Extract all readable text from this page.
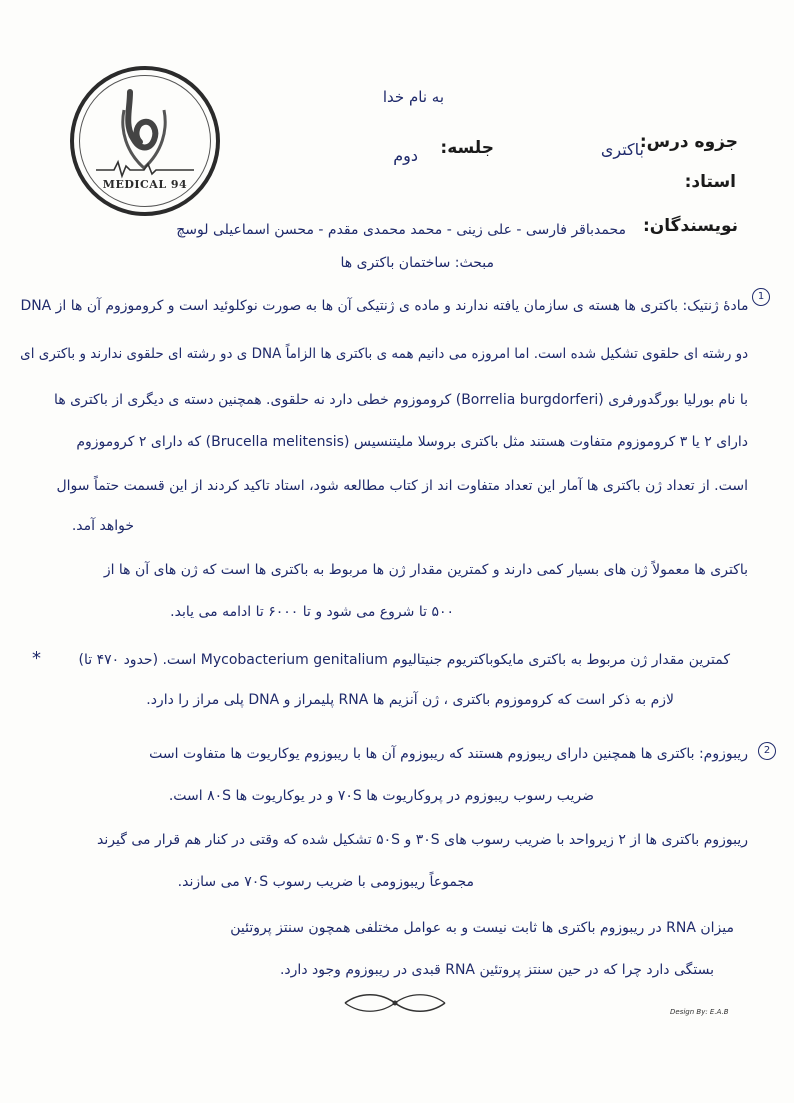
MEDICAL 94
به نام خدا
جزوه درس:
باکتری
جلسه:
دوم
استاد:
نویسندگان:
محمدباقر فارسی - علی زینی - محمد محمدی مقدم - محسن اسماعیلی لوسچ
مبحث: ساختمان باکتری ها
1
*
2
مادهٔ ژنتیک: باکتری ها هسته ی سازمان یافته ندارند و ماده ی ژنتیکی آن ها به صورت نوکلوئید است و کروموزوم آن ها از DNA
دو رشته ای حلقوی تشکیل شده است. اما امروزه می دانیم همه ی باکتری ها الزاماً DNA ی دو رشته ای حلقوی ندارند و باکتری ای
با نام بورلیا بورگدورفری (Borrelia burgdorferi) کروموزوم خطی دارد نه حلقوی. همچنین دسته ی دیگری از باکتری ها
دارای ۲ یا ۳ کروموزوم متفاوت هستند مثل باکتری بروسلا ملیتنسیس (Brucella melitensis) که دارای ۲ کروموزوم
است. از تعداد ژن باکتری ها آمار این تعداد متفاوت اند از کتاب مطالعه شود، استاد تاکید کردند از این قسمت حتماً سوال
خواهد آمد.
باکتری ها معمولاً ژن های بسیار کمی دارند و کمترین مقدار ژن ها مربوط به باکتری ها است که ژن های آن ها از
۵۰۰ تا شروع می شود و تا ۶۰۰۰ تا ادامه می یابد.
کمترین مقدار ژن مربوط به باکتری مایکوباکتریوم جنیتالیوم Mycobacterium genitalium است. (حدود ۴۷۰ تا)
لازم به ذکر است که کروموزوم باکتری ، ژن آنزیم ها RNA پلیمراز و DNA پلی مراز را دارد.
ریبوزوم: باکتری ها همچنین دارای ریبوزوم هستند که ریبوزوم آن ها با ریبوزوم یوکاریوت ها متفاوت است
ضریب رسوب ریبوزوم در پروکاریوت ها ۷۰S و در یوکاریوت ها ۸۰S است.
ریبوزوم باکتری ها از ۲ زیرواحد با ضریب رسوب های ۳۰S و ۵۰S تشکیل شده که وقتی در کنار هم قرار می گیرند
مجموعاً ریبوزومی با ضریب رسوب ۷۰S می سازند.
میزان RNA در ریبوزوم باکتری ها ثابت نیست و به عوامل مختلفی همچون سنتز پروتئین
بستگی دارد چرا که در حین سنتز پروتئین RNA قبدی در ریبوزوم وجود دارد.
Design By: E.A.B
